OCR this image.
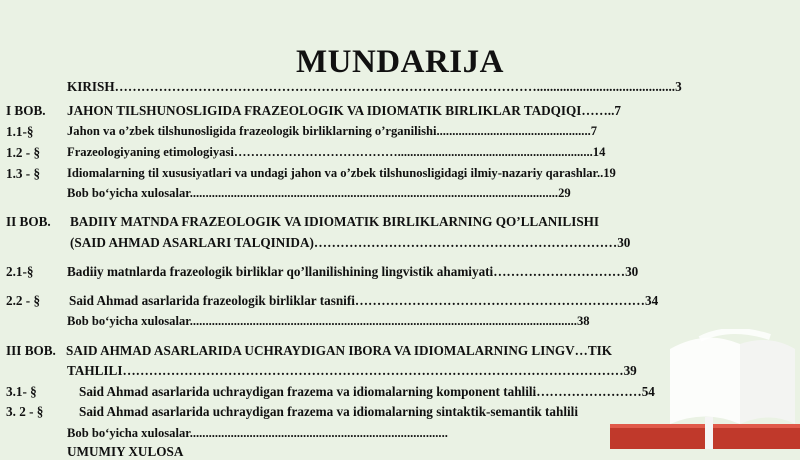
MUNDARIJA
KIRISH……………………………………………………………………………………..........................................3
I BOB. JAHON TILSHUNOSLIGIDA FRAZEOLOGIK VA IDIOMATIK BIRLIKLAR TADQIQI……..7
1.1-§	Jahon va o’zbek tilshunosligida frazeologik birliklarning o’rganilishi.................................................7
1.2 - § Frazeologiyaning etimologiyasi…………………………………..............................................................14
1.3 - § Idiomalarning til xususiyatlari va undagi jahon va o’zbek tilshunosligidagi ilmiy-nazariy qarashlar..19
Bob bo‘yicha xulosalar.....................................................................................................................29
II BOB. BADIIY MATNDA FRAZEOLOGIK VA IDIOMATIK BIRLIKLARNING QO’LLANILISHI
(SAID AHMAD ASARLARI TALQINIDA)……………………………………………………………30
2.1-§	Badiiy matnlarda frazeologik birliklar qo’llanilishining lingvistik ahamiyati…………………………30
2.2 - § Said Ahmad asarlarida frazeologik birliklar tasnifi…………………………………………………………34
Bob bo‘yicha xulosalar...........................................................................................................................38
III BOB. SAID AHMAD ASARLARIDA UCHRAYDIGAN IBORA VA IDIOMALARNING LINGV…TIK
TAHLILI……………………………………………………………………………………………………39
3.1- §	Said Ahmad asarlarida uchraydigan frazema va idiomalarning komponent tahlili……………………54
3. 2 - §	Said Ahmad asarlarida uchraydigan frazema va idiomalarning sintaktik-semantik tahlili
Bob bo‘yicha xulosalar..................................................................................
UMUMIY XULOSA
